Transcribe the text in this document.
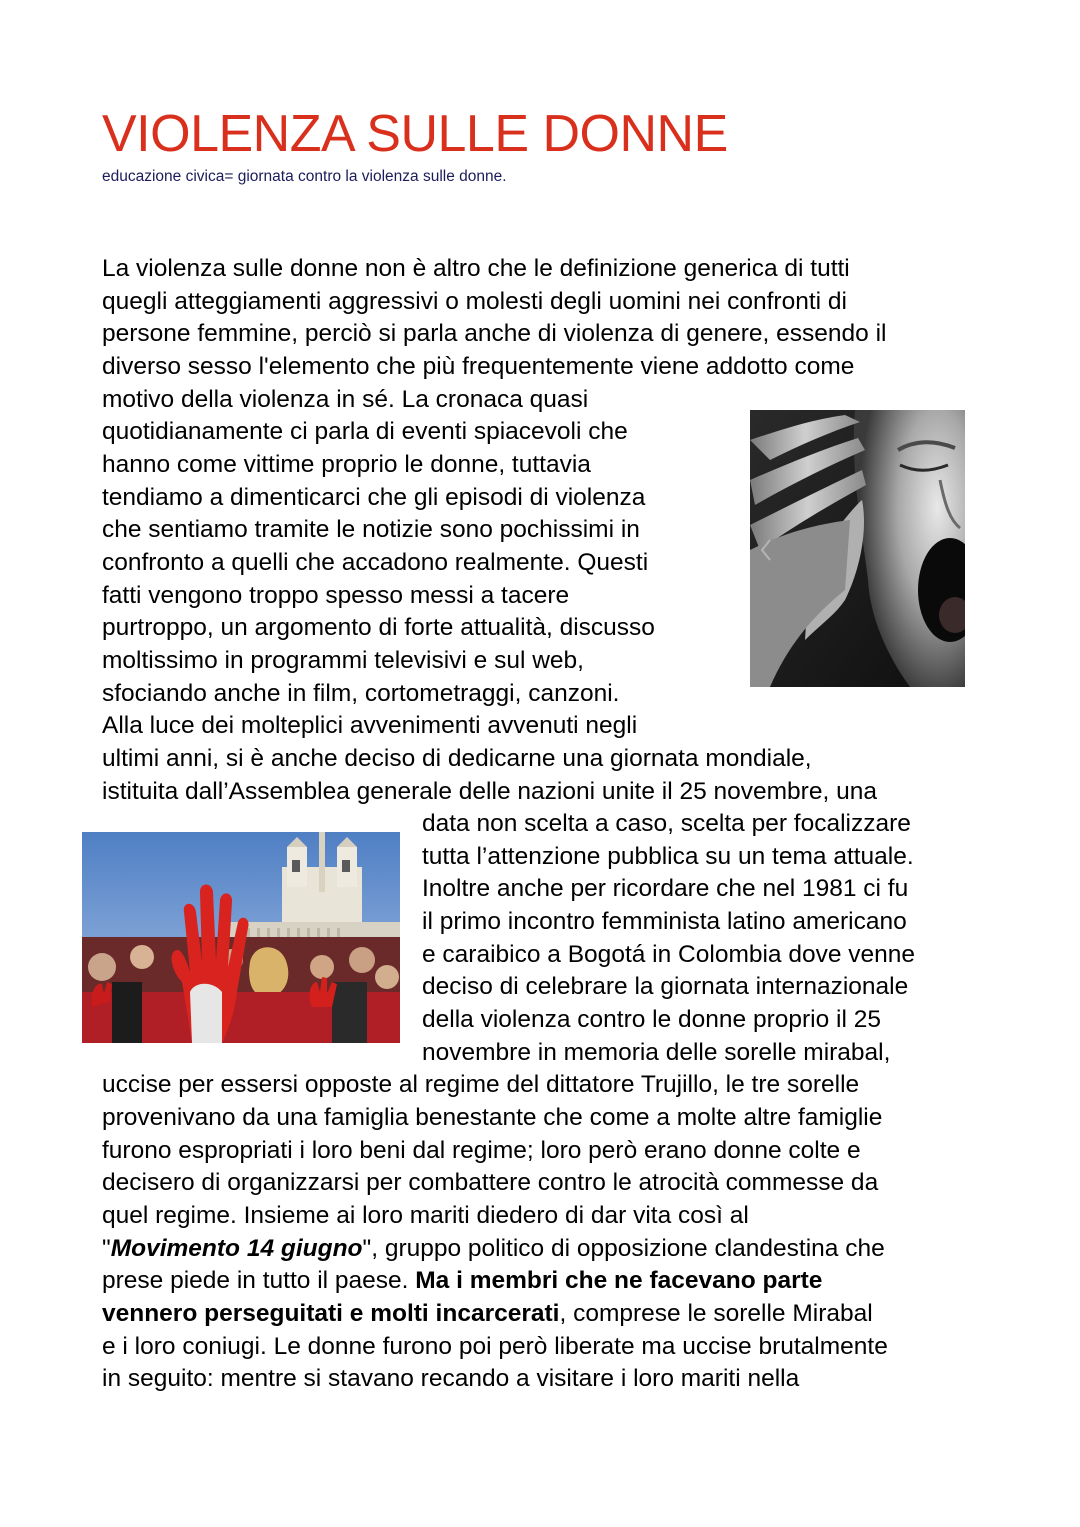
VIOLENZA SULLE DONNE
educazione civica= giornata contro la violenza sulle donne.
La violenza sulle donne non è altro che le definizione generica di tutti
quegli atteggiamenti aggressivi o molesti degli uomini nei confronti di
persone femmine, perciò si parla anche di violenza di genere, essendo il
diverso sesso l'elemento che più frequentemente viene addotto come
motivo della violenza in sé. La cronaca quasi
quotidianamente ci parla di eventi spiacevoli che
hanno come vittime proprio le donne, tuttavia
tendiamo a dimenticarci che gli episodi di violenza
che sentiamo tramite le notizie sono pochissimi in
confronto a quelli che accadono realmente. Questi
fatti vengono troppo spesso messi a tacere
purtroppo, un argomento di forte attualità, discusso
moltissimo in programmi televisivi e sul web,
sfociando anche in film, cortometraggi, canzoni.
Alla luce dei molteplici avvenimenti avvenuti negli
ultimi anni, si è anche deciso di dedicarne una giornata mondiale,
istituita dall’Assemblea generale delle nazioni unite il 25 novembre, una
data non scelta a caso, scelta per focalizzare
tutta l’attenzione pubblica su un tema attuale.
Inoltre anche per ricordare che nel 1981 ci fu
il primo incontro femminista latino americano
e caraibico a Bogotá in Colombia dove venne
deciso di celebrare la giornata internazionale
della violenza contro le donne proprio il 25
novembre in memoria delle sorelle mirabal,
uccise per essersi opposte al regime del dittatore Trujillo, le tre sorelle
provenivano da una famiglia benestante che come a molte altre famiglie
furono espropriati i loro beni dal regime; loro però erano donne colte e
decisero di organizzarsi per combattere contro le atrocità commesse da
quel regime. Insieme ai loro mariti diedero di dar vita così al
"Movimento 14 giugno", gruppo politico di opposizione clandestina che
prese piede in tutto il paese. Ma i membri che ne facevano parte
vennero perseguitati e molti incarcerati, comprese le sorelle Mirabal
e i loro coniugi. Le donne furono poi però liberate ma uccise brutalmente
in seguito: mentre si stavano recando a visitare i loro mariti nella
